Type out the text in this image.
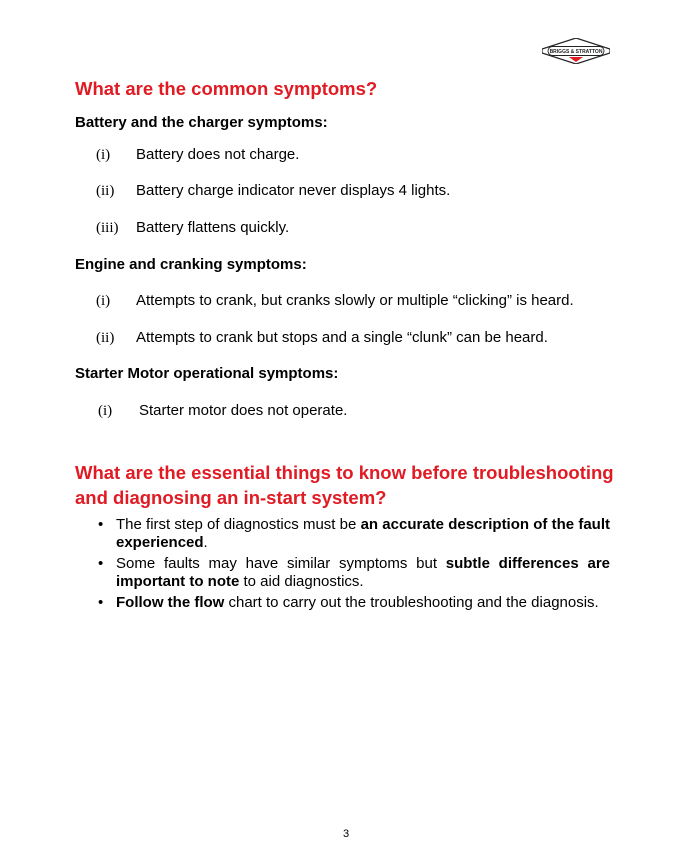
BRIGGS & STRATTON
What are the common symptoms?
Battery and the charger symptoms:
(i) Battery does not charge.
(ii) Battery charge indicator never displays 4 lights.
(iii) Battery flattens quickly.
Engine and cranking symptoms:
(i) Attempts to crank, but cranks slowly or multiple “clicking” is heard.
(ii) Attempts to crank but stops and a single “clunk” can be heard.
Starter Motor operational symptoms:
(i) Starter motor does not operate.
What are the essential things to know before troubleshooting
and diagnosing an in-start system?
• The first step of diagnostics must be an accurate description of the fault experienced.
• Some faults may have similar symptoms but subtle differences are important to note to aid diagnostics.
• Follow the flow chart to carry out the troubleshooting and the diagnosis.
3
